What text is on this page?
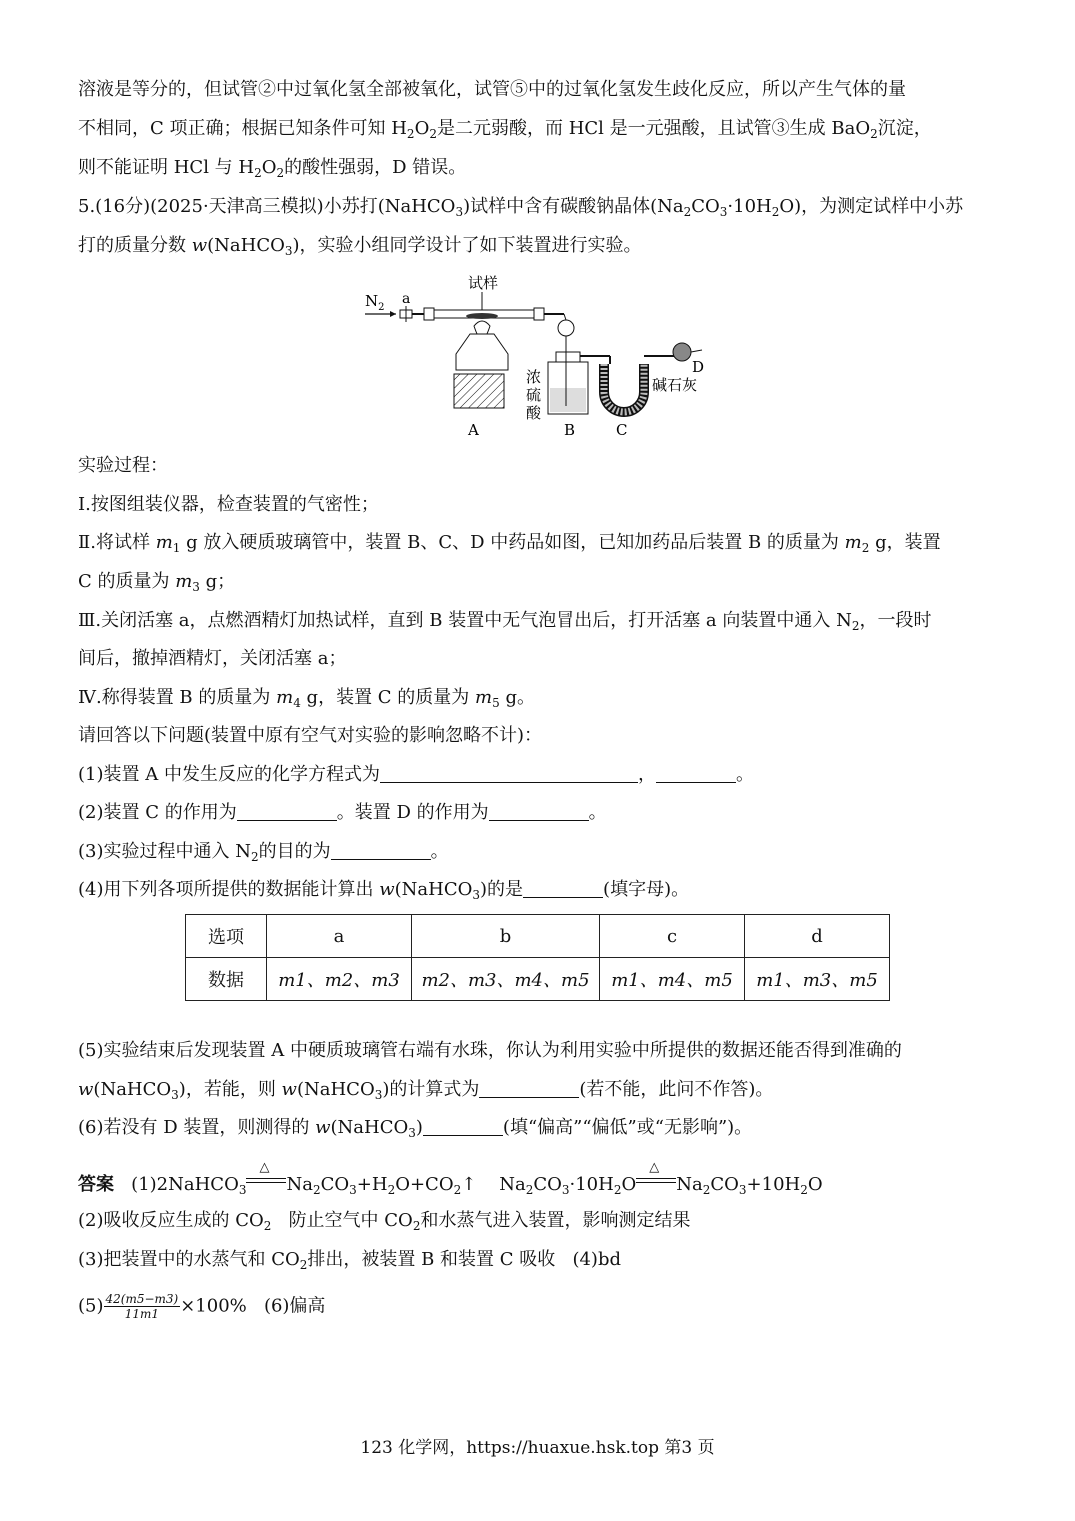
溶液是等分的，但试管②中过氧化氢全部被氧化，试管⑤中的过氧化氢发生歧化反应，所以产生气体的量
不相同，C 项正确；根据已知条件可知 $H_2O_2$是二元弱酸，而 HCl 是一元强酸，且试管③生成 BaO$_2$沉淀，
则不能证明 HCl 与 $H_2O_2$的酸性强弱，D 错误。
5.(16分)(2025·天津高三模拟)小苏打(NaHCO$_3$)试样中含有碳酸钠晶体$(Na_2CO_3\cdot 10H_2O)$，为测定试样中小苏
打的质量分数 w(NaHCO$_3$)，实验小组同学设计了如下装置进行实验。
$N_2$
a
试样
A
浓
硫
酸
B	C
D
碱石灰
实验过程：
Ⅰ.按图组装仪器，检查装置的气密性；
Ⅱ.将试样 $m_1$ g 放入硬质玻璃管中，装置 B、C、D 中药品如图，已知加药品后装置 B 的质量为 $m_2$ g，装置
C 的质量为 $m_3$ g；
Ⅲ.关闭活塞 a，点燃酒精灯加热试样，直到 B 装置中无气泡冒出后，打开活塞 a 向装置中通入 $N_2$，一段时
间后，撤掉酒精灯，关闭活塞 a；
Ⅳ.称得装置 B 的质量为 $m_4$ g，装置 C 的质量为 $m_5$ g。
请回答以下问题(装置中原有空气对实验的影响忽略不计)：
(1)装置 A 中发生反应的化学方程式为	，	。
(2)装置 C 的作用为	。装置 D 的作用为	。
(3)实验过程中通入 $N_2$的目的为	。
(4)用下列各项所提供的数据能计算出 w(NaHCO$_3$)的是	(填字母)。
选项	a	b	c	d
数据	m1、m2、m3	m2、m3、m4、m5	m1、m4、m5	m1、m3、m5
(5)实验结束后发现装置 A 中硬质玻璃管右端有水珠，你认为利用实验中所提供的数据还能否得到准确的
w(NaHCO$_3$)，若能，则 w(NaHCO$_3$)的计算式为	(若不能，此问不作答)。
(6)若没有 D 装置，则测得的 w(NaHCO$_3$)	(填“偏高”“偏低”或“无影响”)。
答案 (1)2NaHCO$_3$
△
$Na_2CO_3+H_2O+CO_2↑$ $Na_2CO_3\cdot 10H_2O$
△
$Na_2CO_3+10H_2O$
(2)吸收反应生成的 $CO_2$ 防止空气中 $CO_2$和水蒸气进入装置，影响测定结果
(3)把装置中的水蒸气和 $CO_2$排出，被装置 B 和装置 C 吸收 (4)bd
$(5) \frac{42(m5-m3)}{11m1} \times 100\%$ (6)偏高
123 化学网，https://huaxue.hsk.top 第3 页
